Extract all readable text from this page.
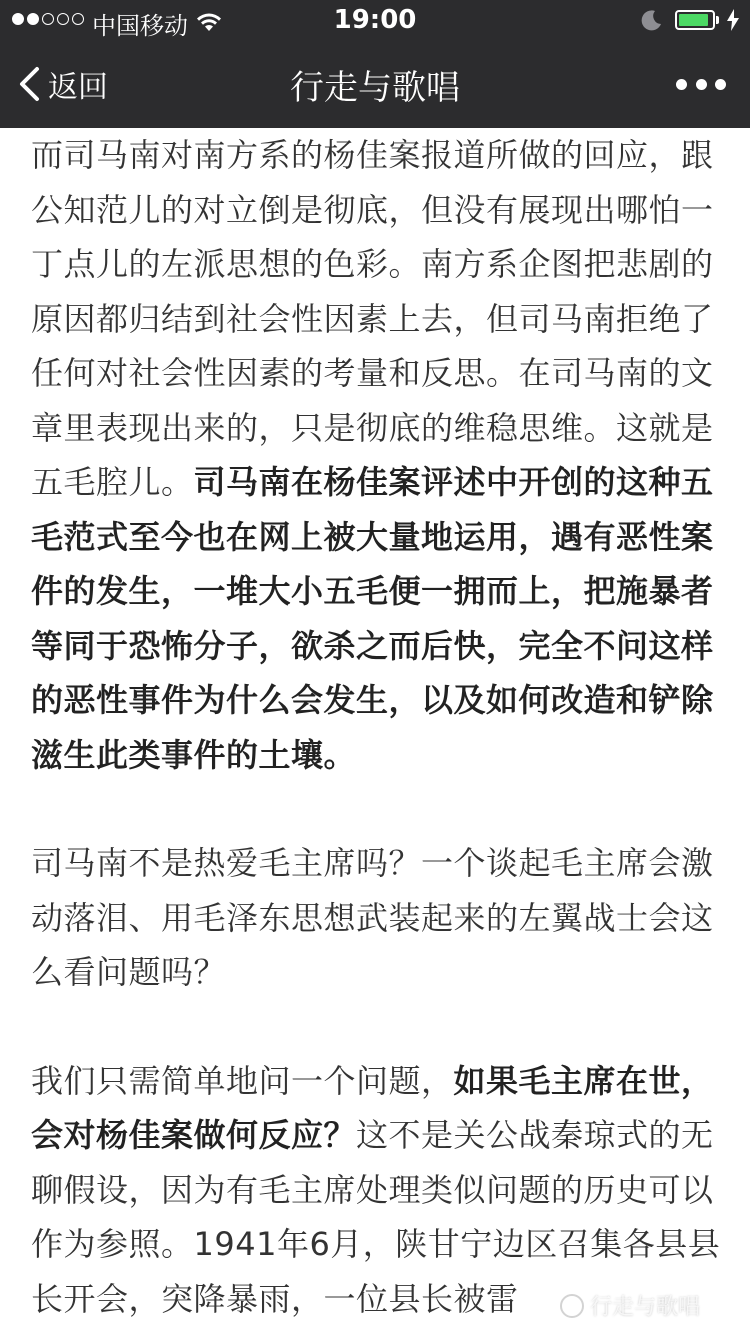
中国移动	19:00
返回	行走与歌唱

而司马南对南方系的杨佳案报道所做的回应，跟公知范儿的对立倒是彻底，但没有展现出哪怕一丁点儿的左派思想的色彩。南方系企图把悲剧的原因都归结到社会性因素上去，但司马南拒绝了任何对社会性因素的考量和反思。在司马南的文章里表现出来的，只是彻底的维稳思维。这就是五毛腔儿。司马南在杨佳案评述中开创的这种五毛范式至今也在网上被大量地运用，遇有恶性案件的发生，一堆大小五毛便一拥而上，把施暴者等同于恐怖分子，欲杀之而后快，完全不问这样的恶性事件为什么会发生，以及如何改造和铲除滋生此类事件的土壤。

司马南不是热爱毛主席吗？一个谈起毛主席会激动落泪、用毛泽东思想武装起来的左翼战士会这么看问题吗？

我们只需简单地问一个问题，如果毛主席在世，会对杨佳案做何反应？这不是关公战秦琼式的无聊假设，因为有毛主席处理类似问题的历史可以作为参照。1941年6月，陕甘宁边区召集各县县长开会，突降暴雨，一位县长被雷	行走与歌唱
